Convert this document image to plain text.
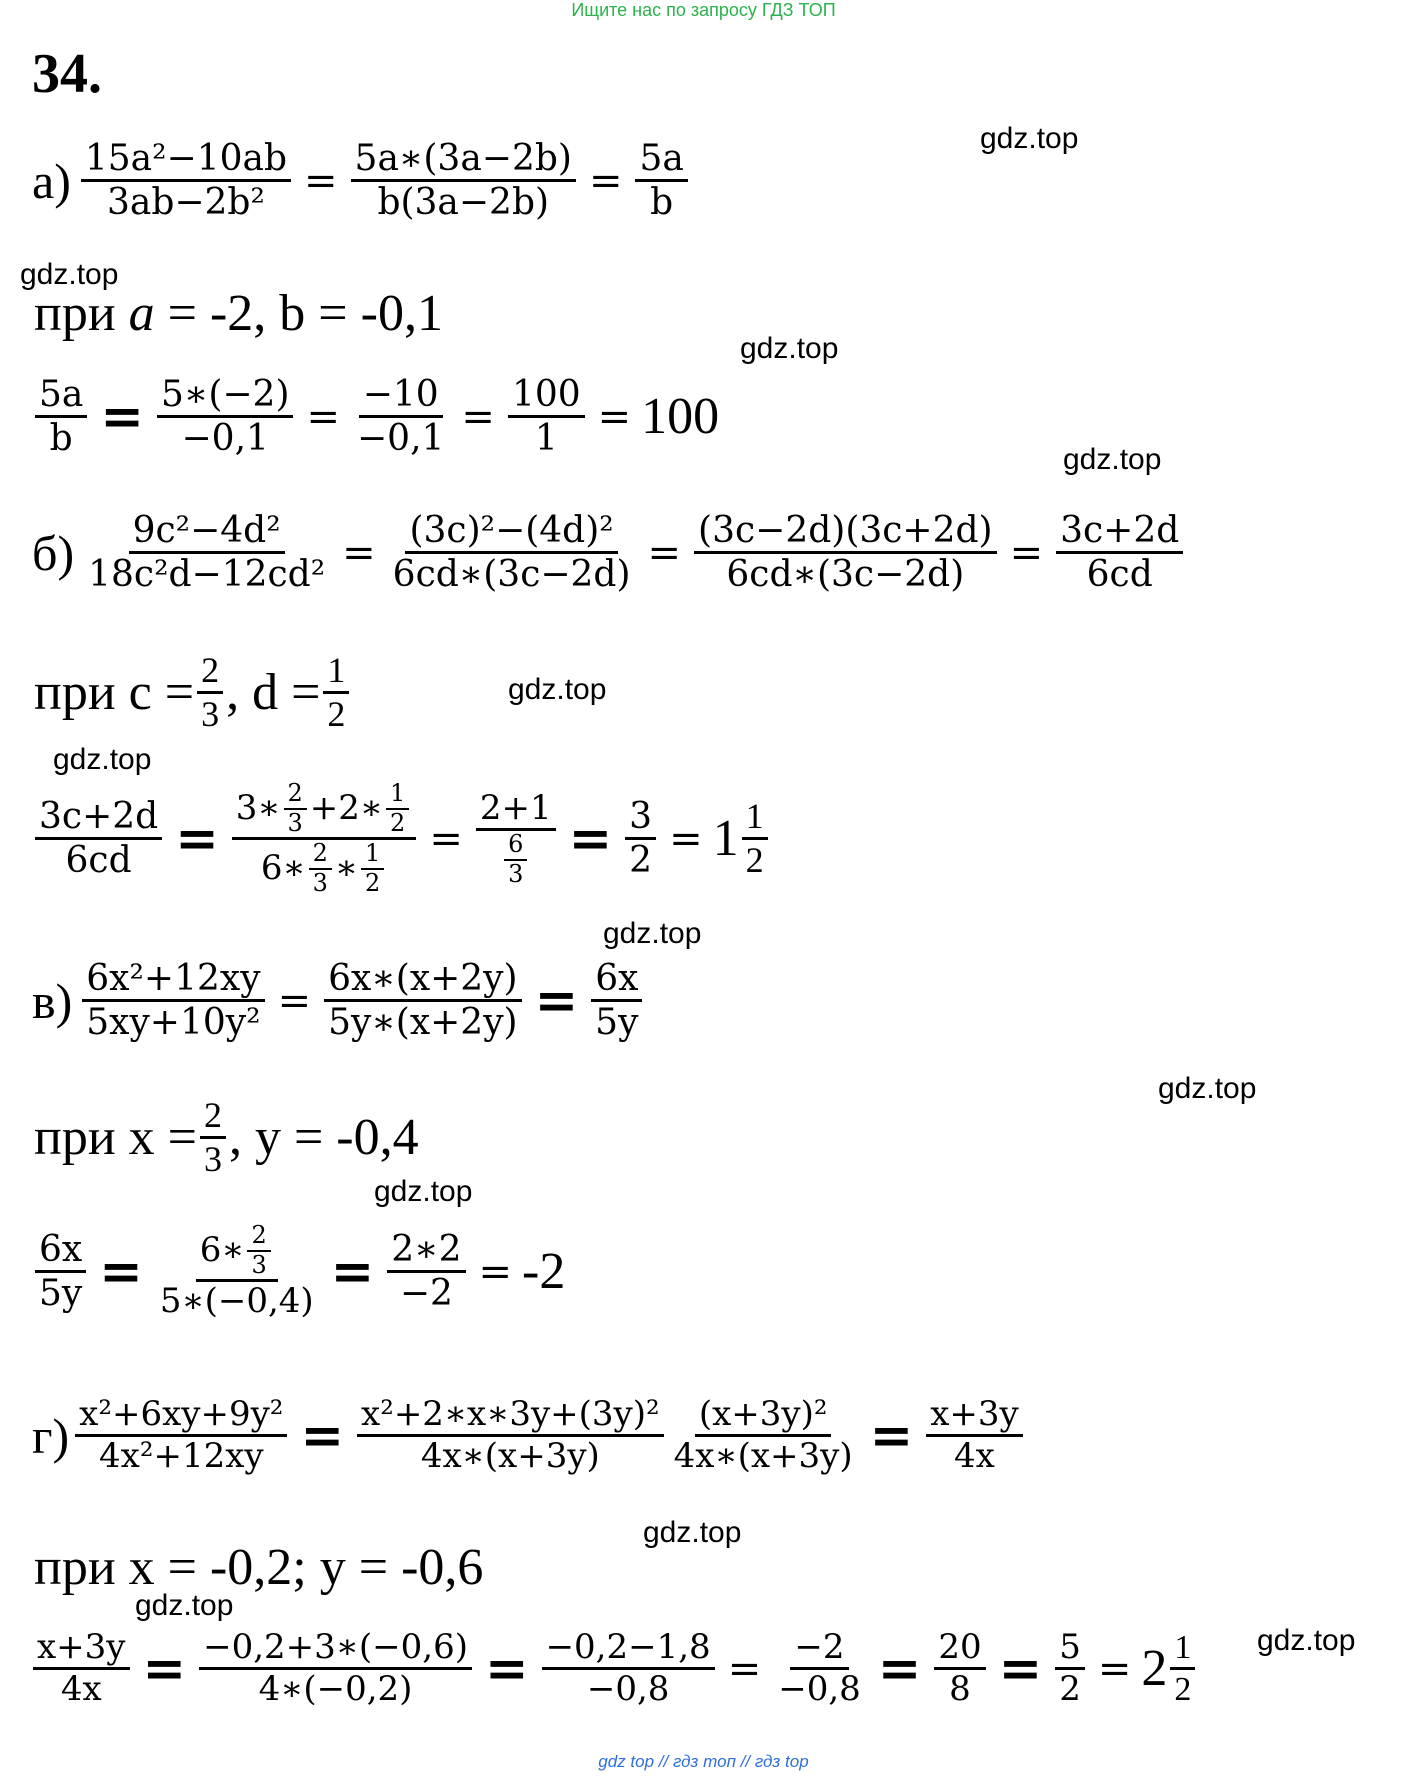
Ищите нас по запросу ГДЗ ТОП
gdz top // гдз топ // гдз top
34.
gdz.top
gdz.top
gdz.top
gdz.top
gdz.top
gdz.top
gdz.top
gdz.top
gdz.top
gdz.top
gdz.top
gdz.top
$а) \frac{\text{15a²−10ab}}{\text{3ab−2b²}} = \frac{5a∗(3a-2b)}{b(3a-2b)} = \frac{5a}{b}$
при a = -2, b = -0,1
$\frac{5a}{b} = \frac{5∗(-2)}{-0,1} = \frac{-10}{-0,1} = \frac{100}{1} = 100$
$б) \frac{\text{9c²−4d²}}{\text{18c²d−12cd²}} = \frac{\text{(3c)²−(4d)²}}{6cd∗(3c-2d)} = \frac{(3c-2d)(3c+2d)}{6cd∗(3c-2d)} = \frac{3c+2d}{6cd}$
при $c = \frac{2}{3}$ , $d = \frac{1}{2}$
$\frac{3c+2d}{6cd}$ =
3∗ $\frac{2}{3}$ +2∗ $\frac{1}{2}$
6∗ $\frac{2}{3}$ ∗ $\frac{1}{2}$
= $\frac{2+1}{\frac{6}{3}} = \frac{3}{2} = 1 \frac{1}{2}$
$в) \frac{\text{6x²+12xy}}{\text{5xy+10y²}} = \frac{6x∗(x+2y)}{5y∗(x+2y)} = \frac{6x}{5y}$
при $x = \frac{2}{3}$ , y = -0,4
$\frac{6x}{5y} = \frac{6∗ \frac{2}{3}}{5∗(-0,4)} = \frac{2∗2}{-2} = -2$
$г) \frac{\text{x²+6xy+9y²}}{\text{4x²+12xy}} = \frac{\text{x²+2∗x∗3y+(3y)²}}{4x∗(x+3y)} \frac{\text{(x+3y)²}}{4x∗(x+3y)} = \frac{x+3y}{4x}$
при x = -0,2; y = -0,6
$\frac{x+3y}{4x} = \frac{-0,2+3∗(-0,6)}{4∗(-0,2)} = \frac{-0,2-1,8}{-0,8} = \frac{-2}{-0,8} = \frac{20}{8} = \frac{5}{2} = 2 \frac{1}{2}$
